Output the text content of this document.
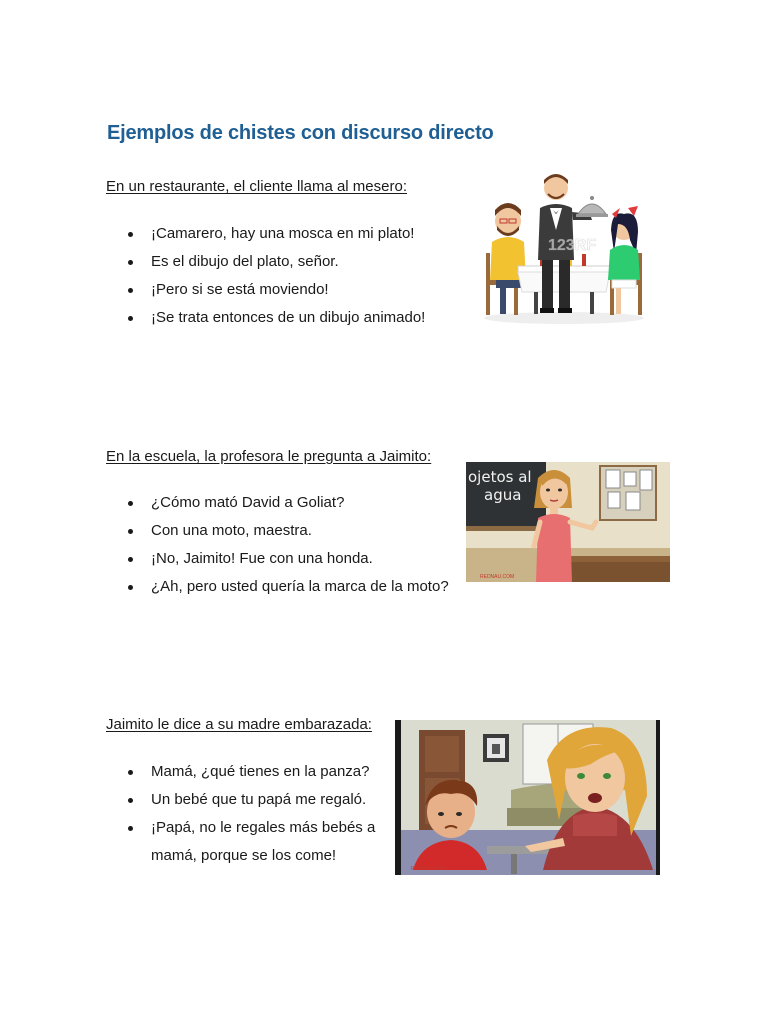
Ejemplos de chistes con discurso directo
En un restaurante, el cliente llama al mesero:
¡Camarero, hay una mosca en mi plato!
Es el dibujo del plato, señor.
¡Pero si se está moviendo!
¡Se trata entonces de un dibujo animado!
123RF
En la escuela, la profesora le pregunta a Jaimito:
¿Cómo mató David a Goliat?
Con una moto, maestra.
¡No, Jaimito! Fue con una honda.
¿Ah, pero usted quería la marca de la moto?
ojetos al
agua
REDNAU.COM
Jaimito le dice a su madre embarazada:
Mamá, ¿qué tienes en la panza?
Un bebé que tu papá me regaló.
¡Papá, no le regales más bebés a mamá, porque se los come!
REDNAU.COM
